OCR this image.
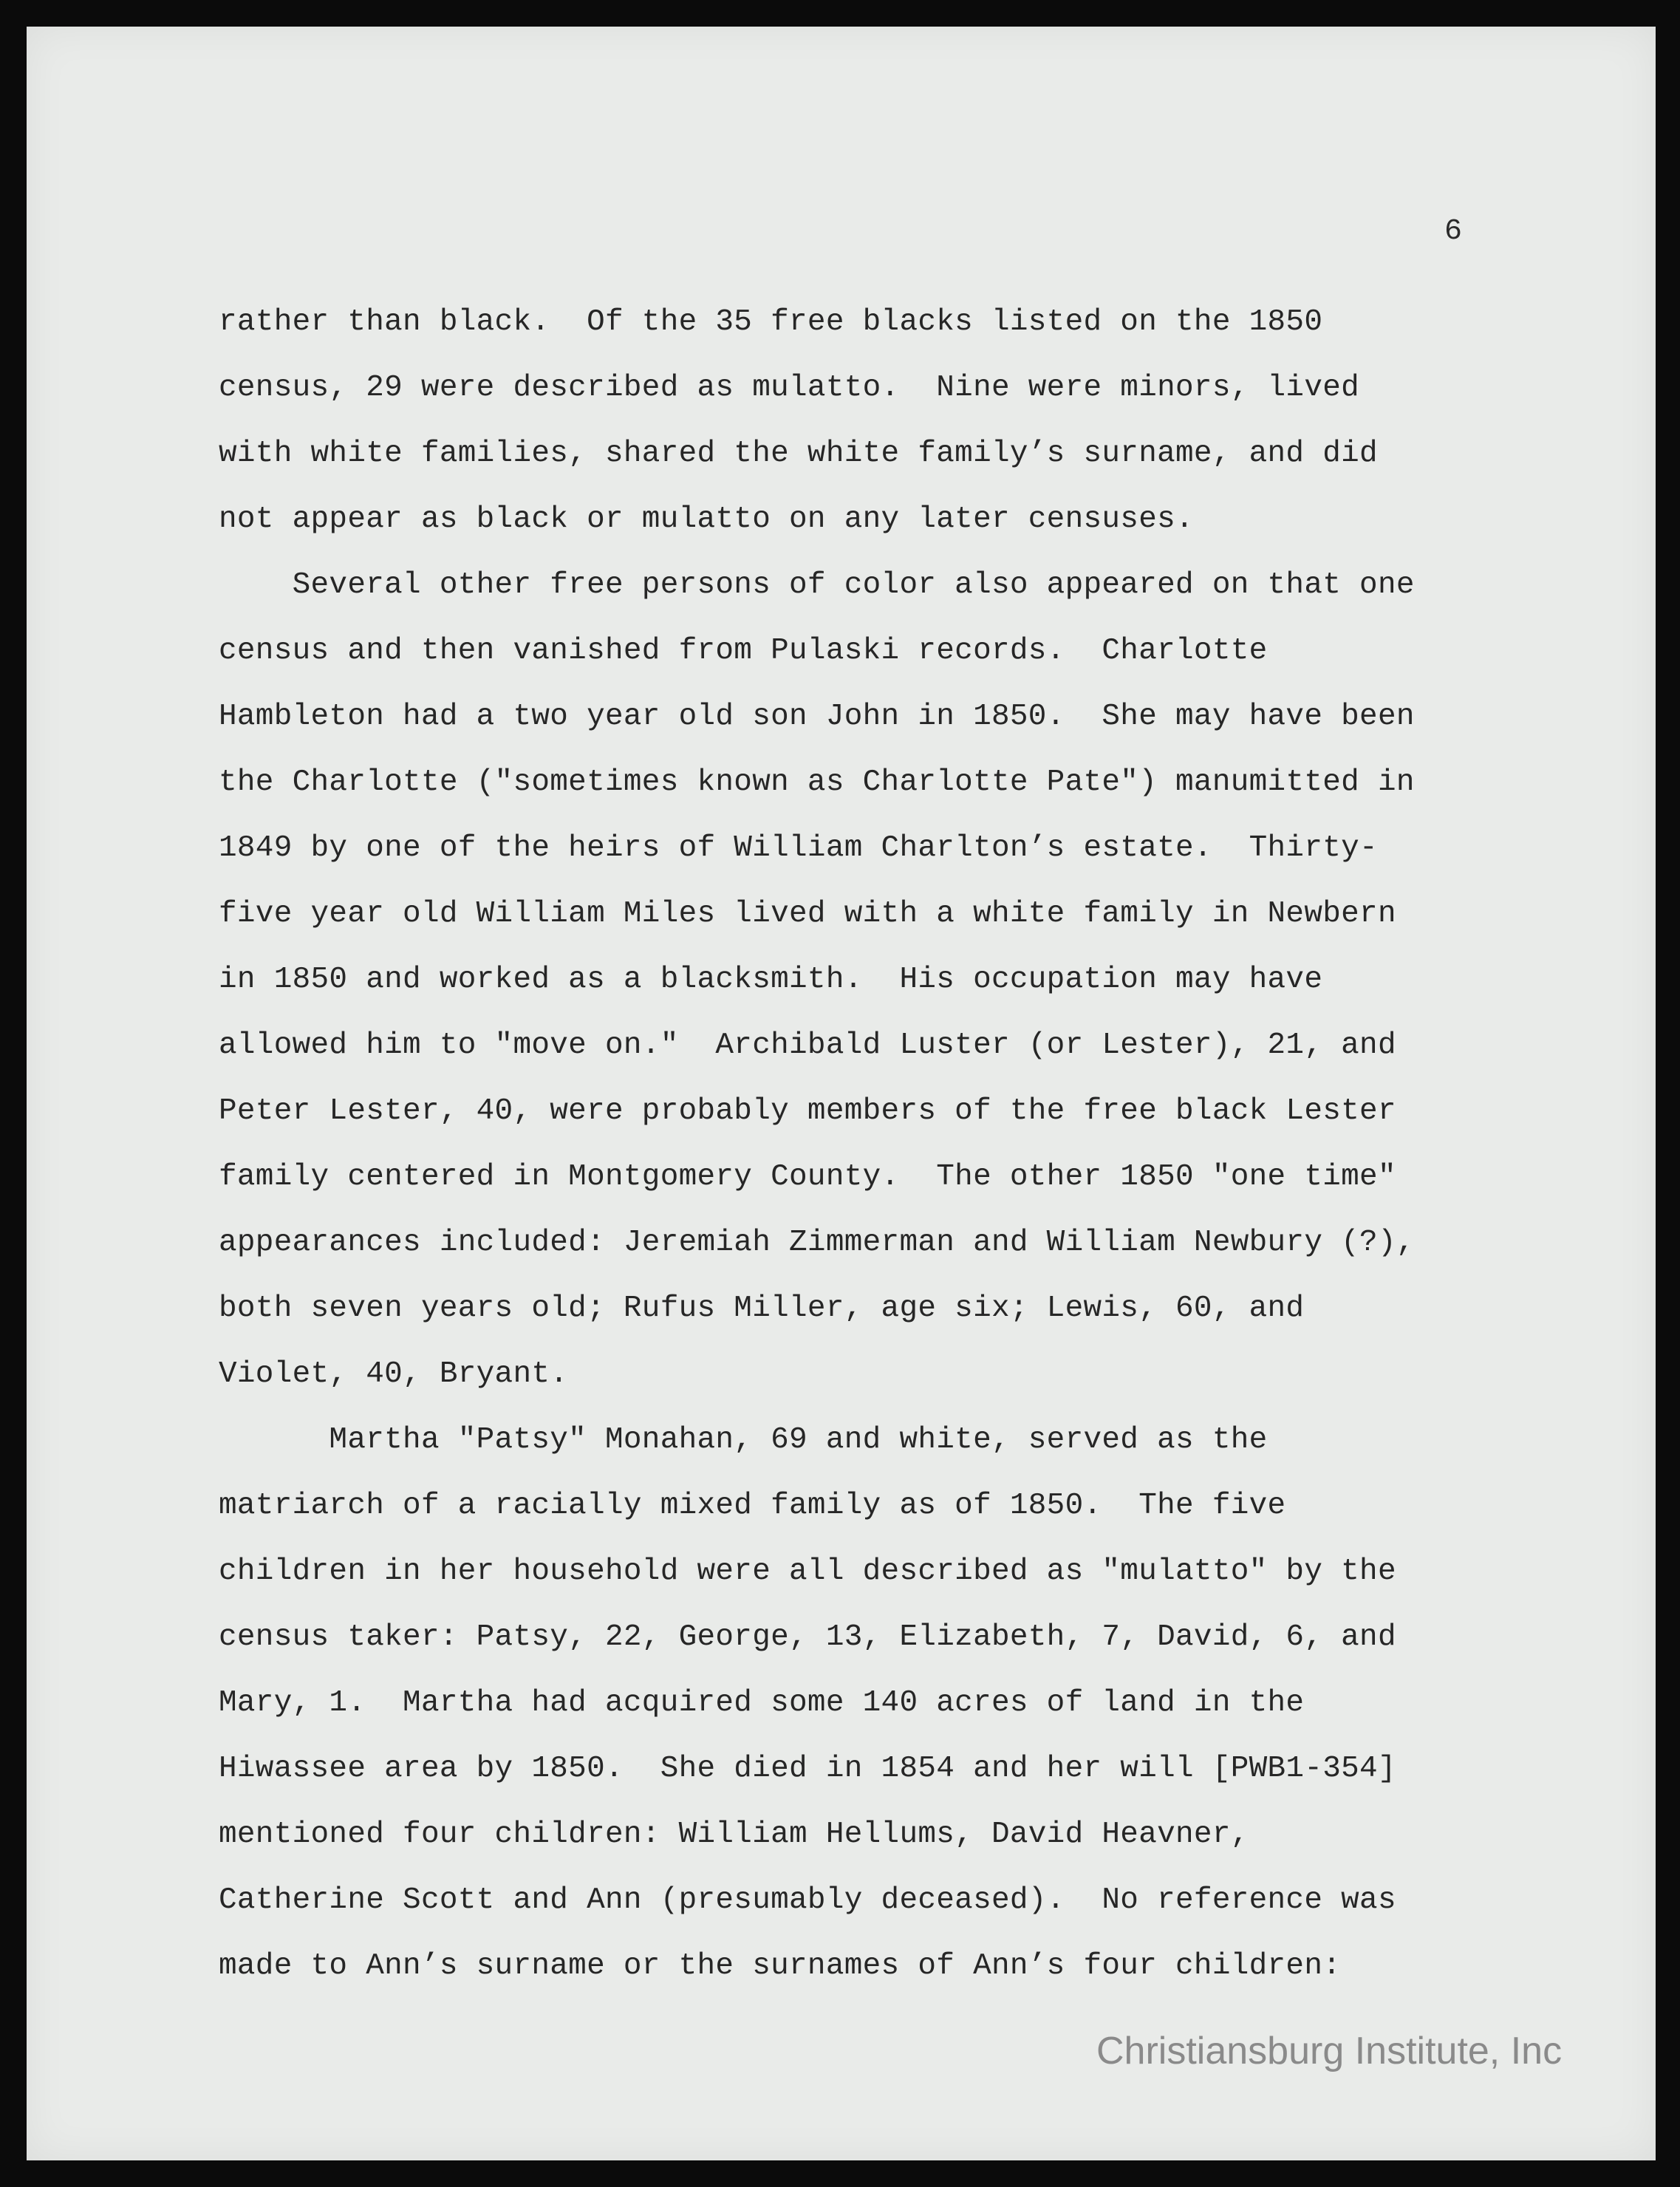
6
rather than black.  Of the 35 free blacks listed on the 1850
census, 29 were described as mulatto.  Nine were minors, lived
with white families, shared the white family’s surname, and did
not appear as black or mulatto on any later censuses.
Several other free persons of color also appeared on that one
census and then vanished from Pulaski records.  Charlotte
Hambleton had a two year old son John in 1850.  She may have been
the Charlotte ("sometimes known as Charlotte Pate") manumitted in
1849 by one of the heirs of William Charlton’s estate.  Thirty-
five year old William Miles lived with a white family in Newbern
in 1850 and worked as a blacksmith.  His occupation may have
allowed him to "move on."  Archibald Luster (or Lester), 21, and
Peter Lester, 40, were probably members of the free black Lester
family centered in Montgomery County.  The other 1850 "one time"
appearances included: Jeremiah Zimmerman and William Newbury (?),
both seven years old; Rufus Miller, age six; Lewis, 60, and
Violet, 40, Bryant.
Martha "Patsy" Monahan, 69 and white, served as the
matriarch of a racially mixed family as of 1850.  The five
children in her household were all described as "mulatto" by the
census taker: Patsy, 22, George, 13, Elizabeth, 7, David, 6, and
Mary, 1.  Martha had acquired some 140 acres of land in the
Hiwassee area by 1850.  She died in 1854 and her will [PWB1-354]
mentioned four children: William Hellums, David Heavner,
Catherine Scott and Ann (presumably deceased).  No reference was
made to Ann’s surname or the surnames of Ann’s four children:
Christiansburg Institute, Inc
